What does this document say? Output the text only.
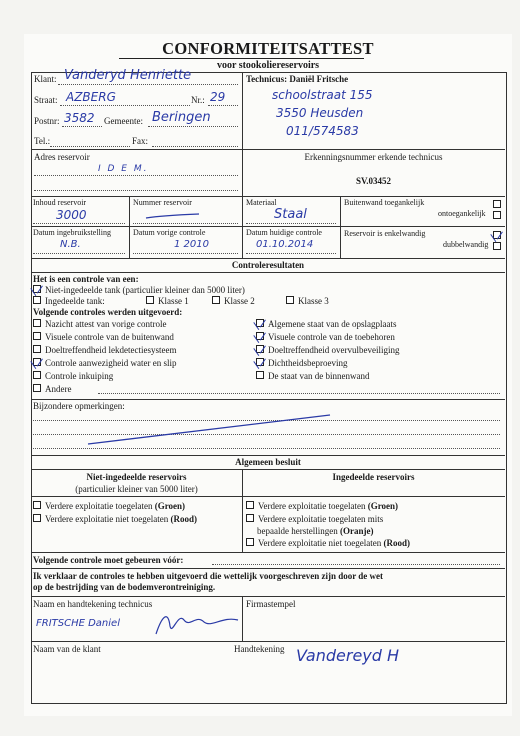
CONFORMITEITSATTEST
voor stookoliereservoirs
Klant: Vanderyd Henriette
Straat: AZBERG	Nr.: 29
Postnr: 3582 Gemeente: Beringen
Tel.:	Fax:
Technicus: Daniël Fritsche
schoolstraat 155
3550 Heusden
011/574583
Adres reservoir
I D E M.
Erkenningsnummer erkende technicus
SV.03452
Inhoud reservoir
3000
Nummer reservoir	Materiaal
Staal
Buitenwand toegankelijk
ontoegankelijk
Datum ingebruikstelling
N.B.
Datum vorige controle
1 2010
Datum huidige controle
01.10.2014
Reservoir is enkelwandig
dubbelwandig
Controleresultaten
Het is een controle van een:
Niet-ingedeelde tank (particulier kleiner dan 5000 liter)
Ingedeelde tank:	Klasse 1	Klasse 2	Klasse 3
Volgende controles werden uitgevoerd:
Nazicht attest van vorige controle
Visuele controle van de buitenwand
Doeltreffendheid lekdetectiesysteem
Controle aanwezigheid water en slip
Controle inkuiping
Andere
Algemene staat van de opslagplaats
Visuele controle van de toebehoren
Doeltreffendheid overvulbeveiliging
Dichtheidsbeproeving
De staat van de binnenwand
Bijzondere opmerkingen:
Algemeen besluit
Niet-ingedeelde reservoirs
(particulier kleiner van 5000 liter)
Ingedeelde reservoirs
Verdere exploitatie toegelaten (Groen)
Verdere exploitatie niet toegelaten (Rood)
Verdere exploitatie toegelaten (Groen)
Verdere exploitatie toegelaten mits
bepaalde herstellingen (Oranje)
Verdere exploitatie niet toegelaten (Rood)
Volgende controle moet gebeuren vóór:
Ik verklaar de controles te hebben uitgevoerd die wettelijk voorgeschreven zijn door de wet
op de bestrijding van de bodemverontreiniging.
Naam en handtekening technicus
FRITSCHE Daniel
Firmastempel
Naam van de klant	Handtekening Vandereyd H
